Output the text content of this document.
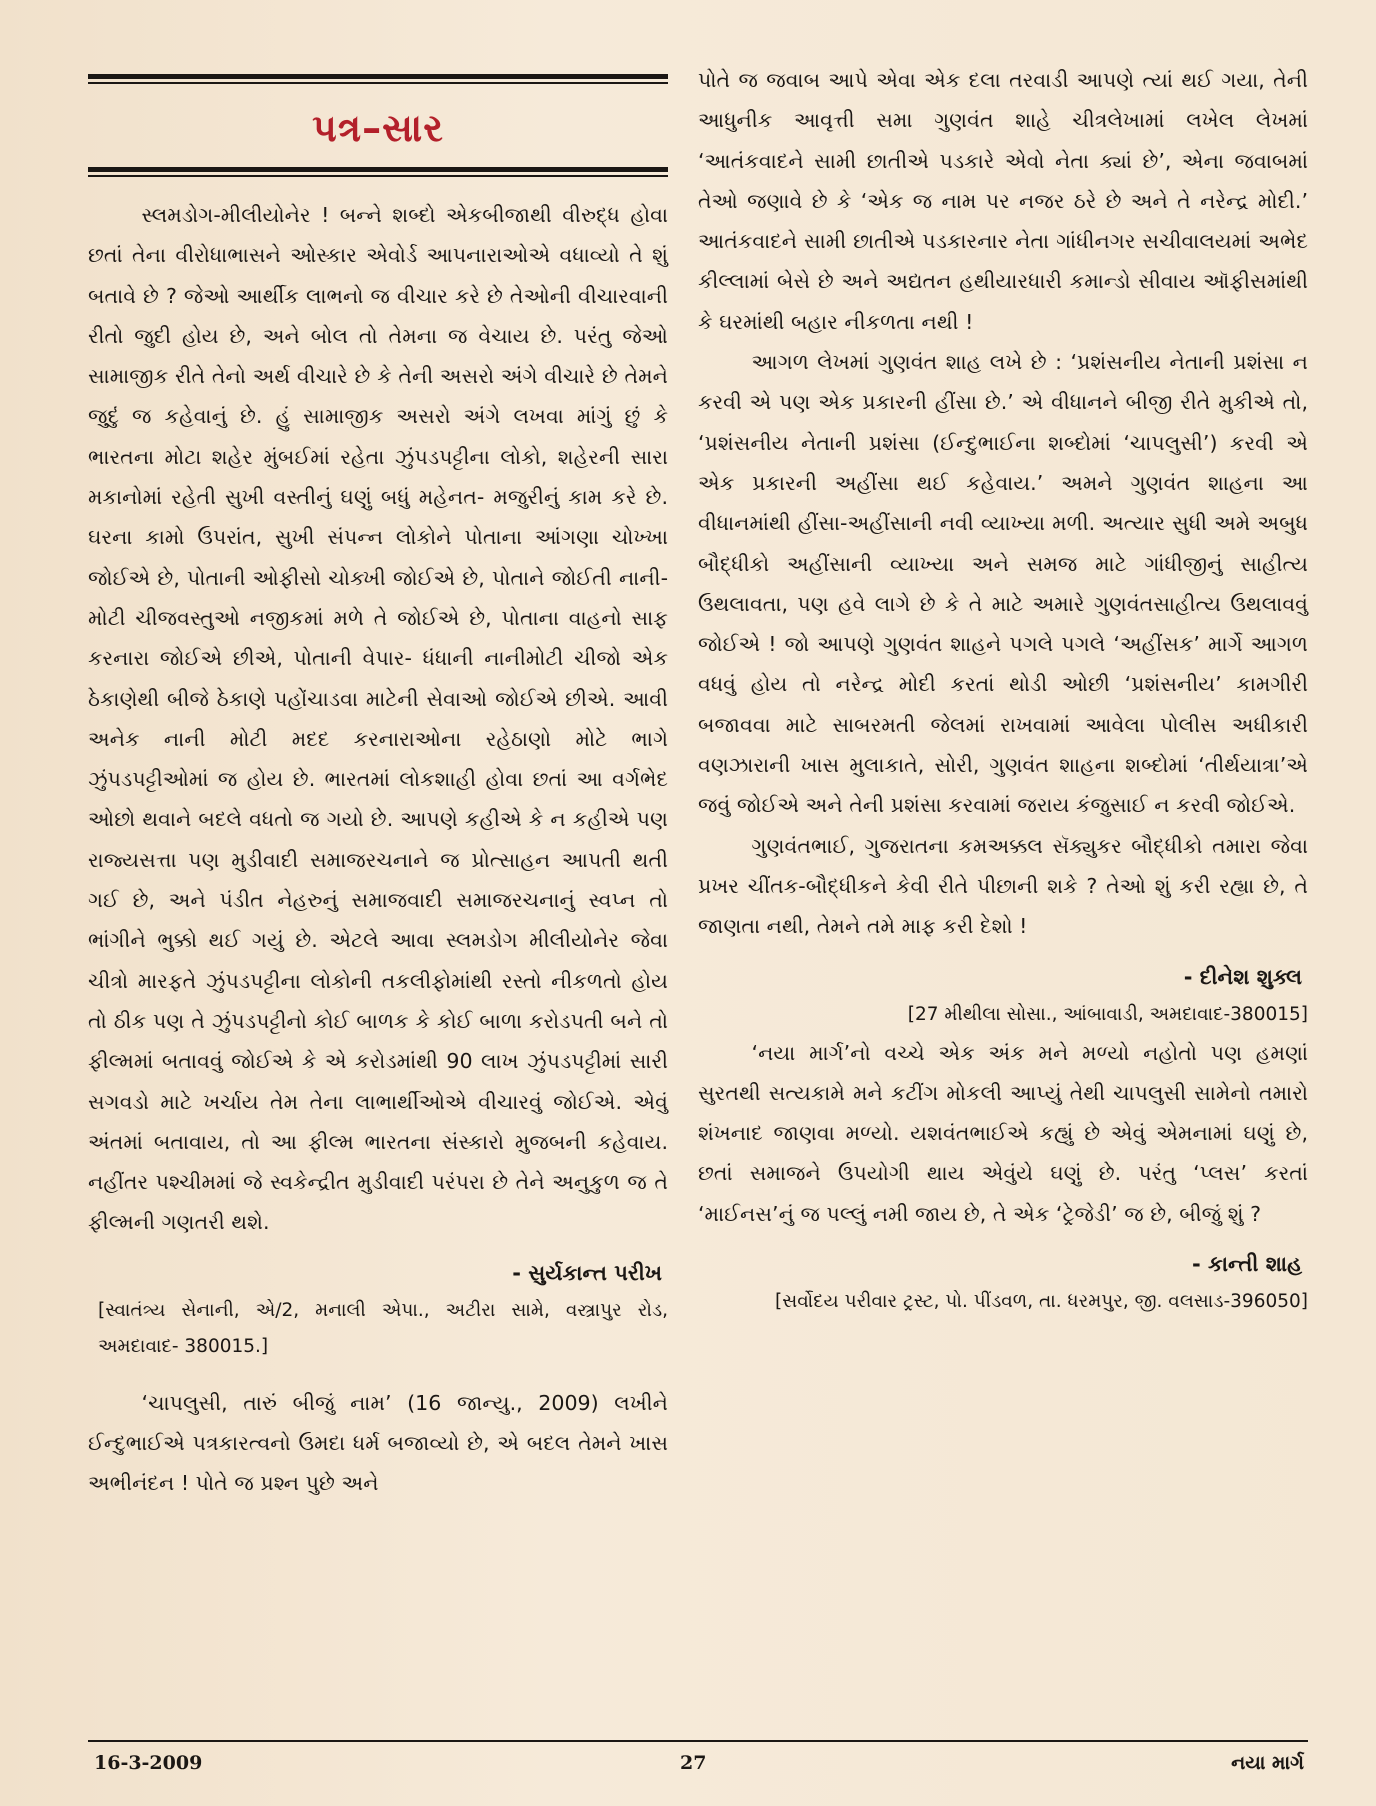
પત્ર–સાર

સ્લમડોગ-મીલીયોનેર ! બન્ને શબ્દો એકબીજાથી વીરુદ્ધ હોવા છતાં તેના વીરોધાભાસને ઓસ્કાર એવોર્ડ આપનારાઓએ વધાવ્યો તે શું બતાવે છે ? જેઓ આર્થીક લાભનો જ વીચાર કરે છે તેઓની વીચારવાની રીતો જુદી હોય છે, અને બોલ તો તેમના જ વેચાય છે. પરંતુ જેઓ સામાજીક રીતે તેનો અર્થ વીચારે છે કે તેની અસરો અંગે વીચારે છે તેમને જુદું જ કહેવાનું છે. હું સામાજીક અસરો અંગે લખવા માંગું છું કે ભારતના મોટા શહેર મુંબઈમાં રહેતા ઝુંપડપટ્ટીના લોકો, શહેરની સારા મકાનોમાં રહેતી સુખી વસ્તીનું ઘણું બધું મહેનત- મજુરીનું કામ કરે છે. ઘરના કામો ઉપરાંત, સુખી સંપન્ન લોકોને પોતાના આંગણા ચોખ્ખા જોઈએ છે, પોતાની ઓફીસો ચોક્ખી જોઈએ છે, પોતાને જોઈતી નાની-મોટી ચીજવસ્તુઓ નજીકમાં મળે તે જોઈએ છે, પોતાના વાહનો સાફ કરનારા જોઈએ છીએ, પોતાની વેપાર- ધંધાની નાનીમોટી ચીજો એક ઠેકાણેથી બીજે ઠેકાણે પહોંચાડવા માટેની સેવાઓ જોઈએ છીએ. આવી અનેક નાની મોટી મદદ કરનારાઓના રહેઠાણો મોટે ભાગે ઝુંપડપટ્ટીઓમાં જ હોય છે. ભારતમાં લોકશાહી હોવા છતાં આ વર્ગભેદ ઓછો થવાને બદલે વધતો જ ગયો છે. આપણે કહીએ કે ન કહીએ પણ રાજ્યસત્તા પણ મુડીવાદી સમાજરચનાને જ પ્રોત્સાહન આપતી થતી ગઈ છે, અને પંડીત નેહરુનું સમાજવાદી સમાજરચનાનું સ્વપ્ન તો ભાંગીને ભુક્કો થઈ ગયું છે. એટલે આવા સ્લમડોગ મીલીયોનેર જેવા ચીત્રો મારફતે ઝુંપડપટ્ટીના લોકોની તકલીફોમાંથી રસ્તો નીકળતો હોય તો ઠીક પણ તે ઝુંપડપટ્ટીનો કોઈ બાળક કે કોઈ બાળા કરોડપતી બને તો ફીલ્મમાં બતાવવું જોઈએ કે એ કરોડમાંથી 90 લાખ ઝુંપડપટ્ટીમાં સારી સગવડો માટે ખર્ચાય તેમ તેના લાભાર્થીઓએ વીચારવું જોઈએ. એવું અંતમાં બતાવાય, તો આ ફીલ્મ ભારતના સંસ્કારો મુજબની કહેવાય. નહીંતર પશ્ચીમમાં જે સ્વકેન્દ્રીત મુડીવાદી પરંપરા છે તેને અનુકુળ જ તે ફીલ્મની ગણતરી થશે.

- સુર્યકાન્ત પરીખ

[સ્વાતંત્ર્ય સેનાની, એ/2, મનાલી એપા., અટીરા સામે, વસ્ત્રાપુર રોડ, અમદાવાદ- 380015.]

‘ચાપલુસી, તારું બીજું નામ’ (16 જાન્યુ., 2009) લખીને ઈન્દુભાઈએ પત્રકારત્વનો ઉમદા ધર્મ બજાવ્યો છે, એ બદલ તેમને ખાસ અભીનંદન ! પોતે જ પ્રશ્ન પુછે અને

પોતે જ જવાબ આપે એવા એક દલા તરવાડી આપણે ત્યાં થઈ ગયા, તેની આધુનીક આવૃત્તી સમા ગુણવંત શાહે ચીત્રલેખામાં લખેલ લેખમાં ‘આતંકવાદને સામી છાતીએ પડકારે એવો નેતા ક્યાં છે’, એના જવાબમાં તેઓ જણાવે છે કે ‘એક જ નામ પર નજર ઠરે છે અને તે નરેન્દ્ર મોદી.’ આતંકવાદને સામી છાતીએ પડકારનાર નેતા ગાંધીનગર સચીવાલયમાં અભેદ કીલ્લામાં બેસે છે અને અદ્યતન હથીયારધારી કમાન્ડો સીવાય ઑફીસમાંથી કે ઘરમાંથી બહાર નીકળતા નથી !

આગળ લેખમાં ગુણવંત શાહ લખે છે : ‘પ્રશંસનીય નેતાની પ્રશંસા ન કરવી એ પણ એક પ્રકારની હીંસા છે.’ એ વીધાનને બીજી રીતે મુકીએ તો, ‘પ્રશંસનીય નેતાની પ્રશંસા (ઈન્દુભાઈના શબ્દોમાં ‘ચાપલુસી’) કરવી એ એક પ્રકારની અહીંસા થઈ કહેવાય.’ અમને ગુણવંત શાહના આ વીધાનમાંથી હીંસા-અહીંસાની નવી વ્યાખ્યા મળી. અત્યાર સુધી અમે અબુધ બૌદ્ધીકો અહીંસાની વ્યાખ્યા અને સમજ માટે ગાંધીજીનું સાહીત્ય ઉથલાવતા, પણ હવે લાગે છે કે તે માટે અમારે ગુણવંતસાહીત્ય ઉથલાવવું જોઈએ ! જો આપણે ગુણવંત શાહને પગલે પગલે ‘અહીંસક’ માર્ગે આગળ વધવું હોય તો નરેન્દ્ર મોદી કરતાં થોડી ઓછી ‘પ્રશંસનીય’ કામગીરી બજાવવા માટે સાબરમતી જેલમાં રાખવામાં આવેલા પોલીસ અધીકારી વણઝારાની ખાસ મુલાકાતે, સોરી, ગુણવંત શાહના શબ્દોમાં ‘તીર્થયાત્રા’એ જવું જોઈએ અને તેની પ્રશંસા કરવામાં જરાય કંજુસાઈ ન કરવી જોઈએ.

ગુણવંતભાઈ, ગુજરાતના કમઅક્કલ સૅક્યુકર બૌદ્ધીકો તમારા જેવા પ્રખર ચીંતક-બૌદ્ધીકને કેવી રીતે પીછાની શકે ? તેઓ શું કરી રહ્યા છે, તે જાણતા નથી, તેમને તમે માફ કરી દેશો !

- દીનેશ શુક્લ

[27 મીથીલા સોસા., આંબાવાડી, અમદાવાદ-380015]

‘નયા માર્ગ’નો વચ્ચે એક અંક મને મળ્યો નહોતો પણ હમણાં સુરતથી સત્યકામે મને કટીંગ મોકલી આપ્યું તેથી ચાપલુસી સામેનો તમારો શંખનાદ જાણવા મળ્યો. યશવંતભાઈએ કહ્યું છે એવું એમનામાં ઘણું છે, છતાં સમાજને ઉપયોગી થાય એવુંયે ઘણું છે. પરંતુ ‘પ્લસ’ કરતાં ‘માઈનસ’નું જ પલ્લું નમી જાય છે, તે એક ‘ટ્રેજેડી’ જ છે, બીજું શું ?

- કાન્તી શાહ

[સર્વોદય પરીવાર ટ્રસ્ટ, પો. પીંડવળ, તા. ધરમપુર, જી. વલસાડ-396050]

16-3-2009	27	નયા માર્ગ
